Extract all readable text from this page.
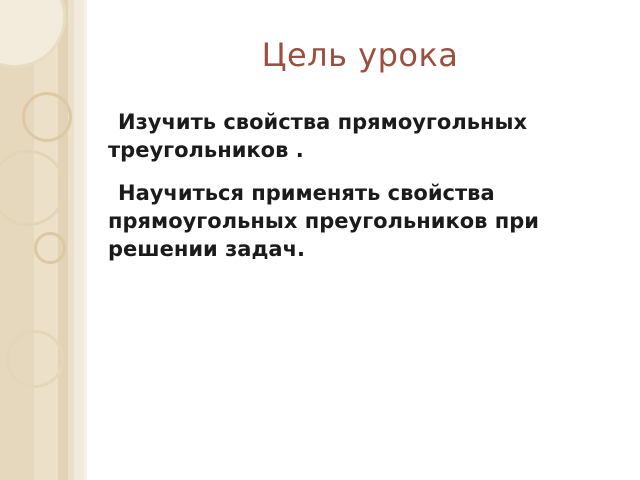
Цель урока

Изучить свойства прямоугольных треугольников .

Научиться применять свойства прямоугольных преугольников при решении задач.
